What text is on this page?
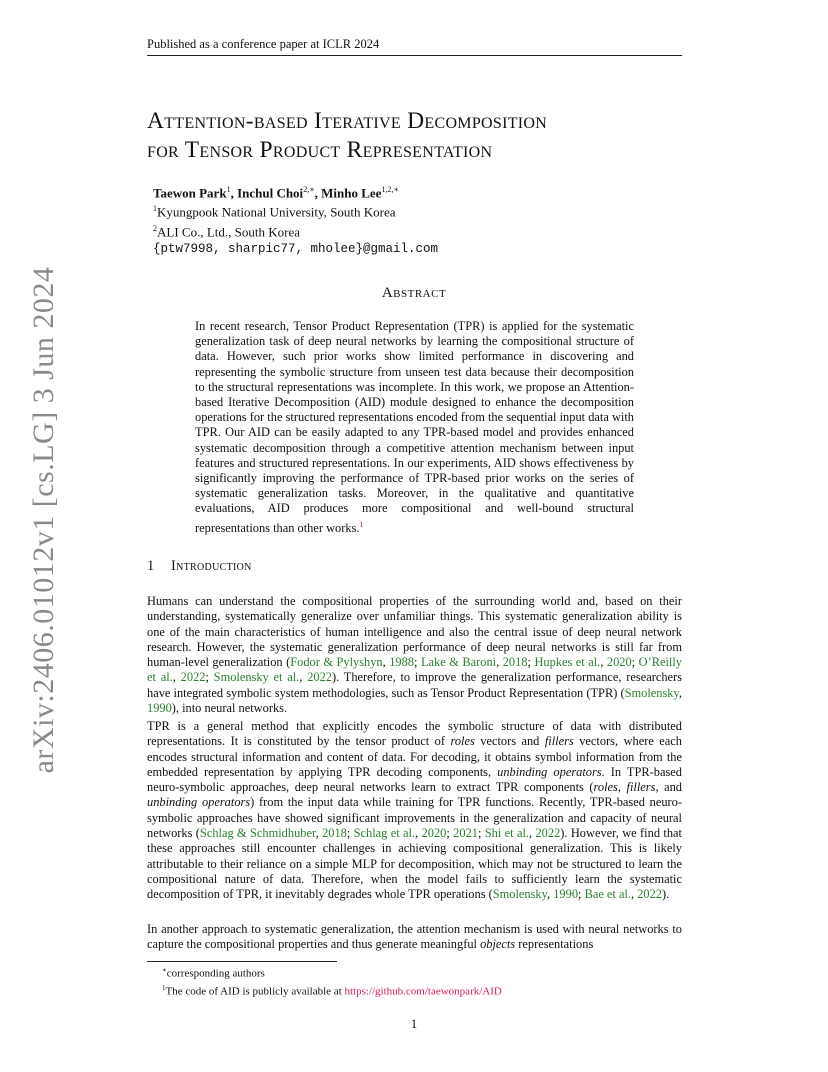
Published as a conference paper at ICLR 2024
arXiv:2406.01012v1 [cs.LG] 3 Jun 2024
Attention-based Iterative Decomposition
for Tensor Product Representation
Taewon Park$^1$, Inchul Choi$^{2,∗}$, Minho Lee$^{1,2,∗}$
$^1$Kyungpook National University, South Korea
$^2$ALI Co., Ltd., South Korea
{ptw7998, sharpic77, mholee}@gmail.com
Abstract
In recent research, Tensor Product Representation (TPR) is applied for the systematic generalization task of deep neural networks by learning the compositional structure of data. However, such prior works show limited performance in discovering and representing the symbolic structure from unseen test data because their decomposition to the structural representations was incomplete. In this work, we propose an Attention-based Iterative Decomposition (AID) module designed to enhance the decomposition operations for the structured representations encoded from the sequential input data with TPR. Our AID can be easily adapted to any TPR-based model and provides enhanced systematic decomposition through a competitive attention mechanism between input features and structured representations. In our experiments, AID shows effectiveness by significantly improving the performance of TPR-based prior works on the series of systematic generalization tasks. Moreover, in the qualitative and quantitative evaluations, AID produces more compositional and well-bound structural representations than other works.$^1$
1 Introduction
Humans can understand the compositional properties of the surrounding world and, based on their understanding, systematically generalize over unfamiliar things. This systematic generalization ability is one of the main characteristics of human intelligence and also the central issue of deep neural network research. However, the systematic generalization performance of deep neural networks is still far from human-level generalization (Fodor & Pylyshyn, 1988; Lake & Baroni, 2018; Hupkes et al., 2020; O’Reilly et al., 2022; Smolensky et al., 2022). Therefore, to improve the generalization performance, researchers have integrated symbolic system methodologies, such as Tensor Product Representation (TPR) (Smolensky, 1990), into neural networks.
TPR is a general method that explicitly encodes the symbolic structure of data with distributed representations. It is constituted by the tensor product of roles vectors and fillers vectors, where each encodes structural information and content of data. For decoding, it obtains symbol information from the embedded representation by applying TPR decoding components, unbinding operators. In TPR-based neuro-symbolic approaches, deep neural networks learn to extract TPR components (roles, fillers, and unbinding operators) from the input data while training for TPR functions. Recently, TPR-based neuro-symbolic approaches have showed significant improvements in the generalization and capacity of neural networks (Schlag & Schmidhuber, 2018; Schlag et al., 2020; 2021; Shi et al., 2022). However, we find that these approaches still encounter challenges in achieving compositional generalization. This is likely attributable to their reliance on a simple MLP for decomposition, which may not be structured to learn the compositional nature of data. Therefore, when the model fails to sufficiently learn the systematic decomposition of TPR, it inevitably degrades whole TPR operations (Smolensky, 1990; Bae et al., 2022).
In another approach to systematic generalization, the attention mechanism is used with neural networks to capture the compositional properties and thus generate meaningful objects representations
∗corresponding authors
$^1$The code of AID is publicly available at https://github.com/taewonpark/AID
1
